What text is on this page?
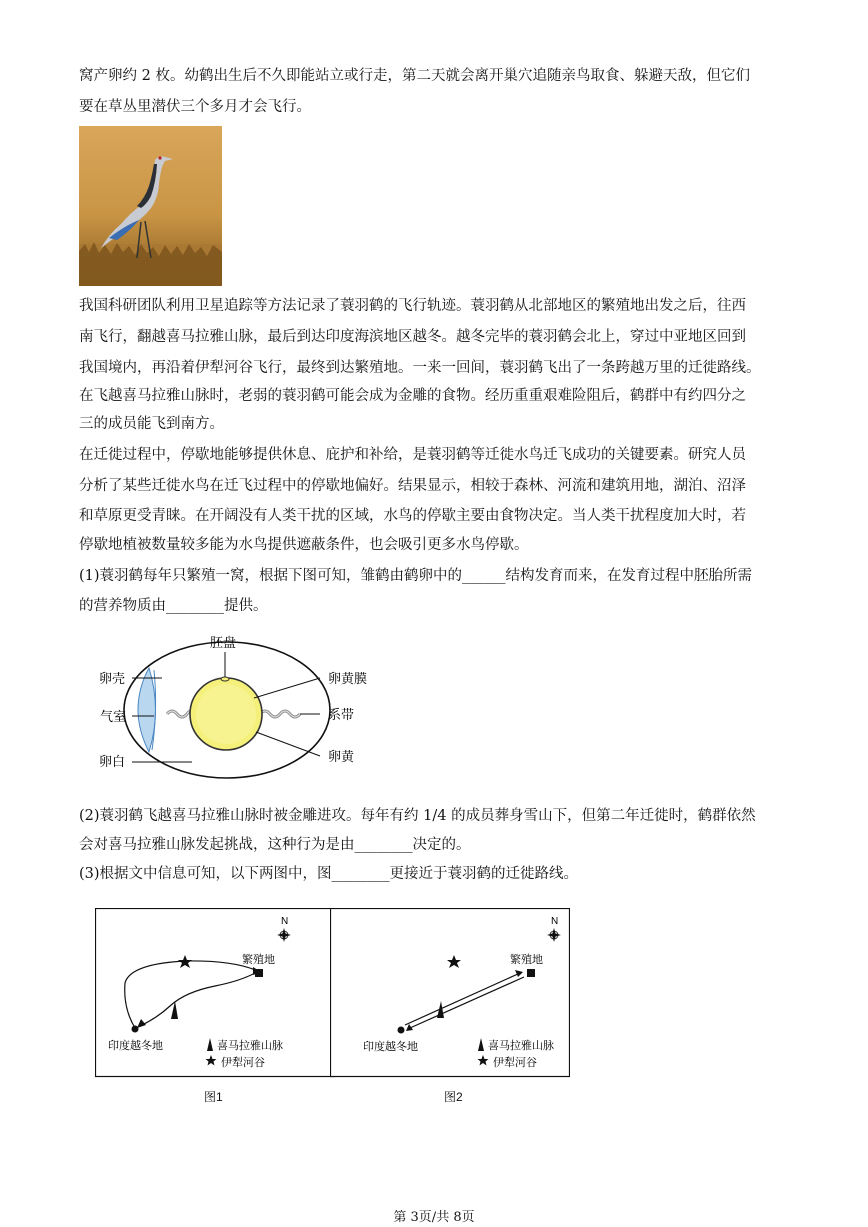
窝产卵约 2 枚。幼鹤出生后不久即能站立或行走，第二天就会离开巢穴追随亲鸟取食、躲避天敌，但它们
要在草丛里潜伏三个多月才会飞行。
我国科研团队利用卫星追踪等方法记录了蓑羽鹤的飞行轨迹。蓑羽鹤从北部地区的繁殖地出发之后，往西
南飞行，翻越喜马拉雅山脉，最后到达印度海滨地区越冬。越冬完毕的蓑羽鹤会北上，穿过中亚地区回到
我国境内，再沿着伊犁河谷飞行，最终到达繁殖地。一来一回间，蓑羽鹤飞出了一条跨越万里的迁徙路线。
在飞越喜马拉雅山脉时，老弱的蓑羽鹤可能会成为金雕的食物。经历重重艰难险阻后，鹤群中有约四分之
三的成员能飞到南方。
在迁徙过程中，停歇地能够提供休息、庇护和补给，是蓑羽鹤等迁徙水鸟迁飞成功的关键要素。研究人员
分析了某些迁徙水鸟在迁飞过程中的停歇地偏好。结果显示，相较于森林、河流和建筑用地，湖泊、沼泽
和草原更受青睐。在开阔没有人类干扰的区域，水鸟的停歇主要由食物决定。当人类干扰程度加大时，若
停歇地植被数量较多能为水鸟提供遮蔽条件，也会吸引更多水鸟停歇。
(1)蓑羽鹤每年只繁殖一窝，根据下图可知，雏鹤由鹤卵中的______结构发育而来，在发育过程中胚胎所需
的营养物质由________提供。
胚盘
卵壳
气室
卵白
卵黄膜
系带
卵黄
(2)蓑羽鹤飞越喜马拉雅山脉时被金雕进攻。每年有约 1/4 的成员葬身雪山下，但第二年迁徙时，鹤群依然
会对喜马拉雅山脉发起挑战，这种行为是由________决定的。
(3)根据文中信息可知，以下两图中，图________更接近于蓑羽鹤的迁徙路线。
N
繁殖地
印度越冬地	喜马拉雅山脉
伊犁河谷
图1
N
繁殖地
印度越冬地	喜马拉雅山脉
伊犁河谷
图2
第 3页/共 8页
